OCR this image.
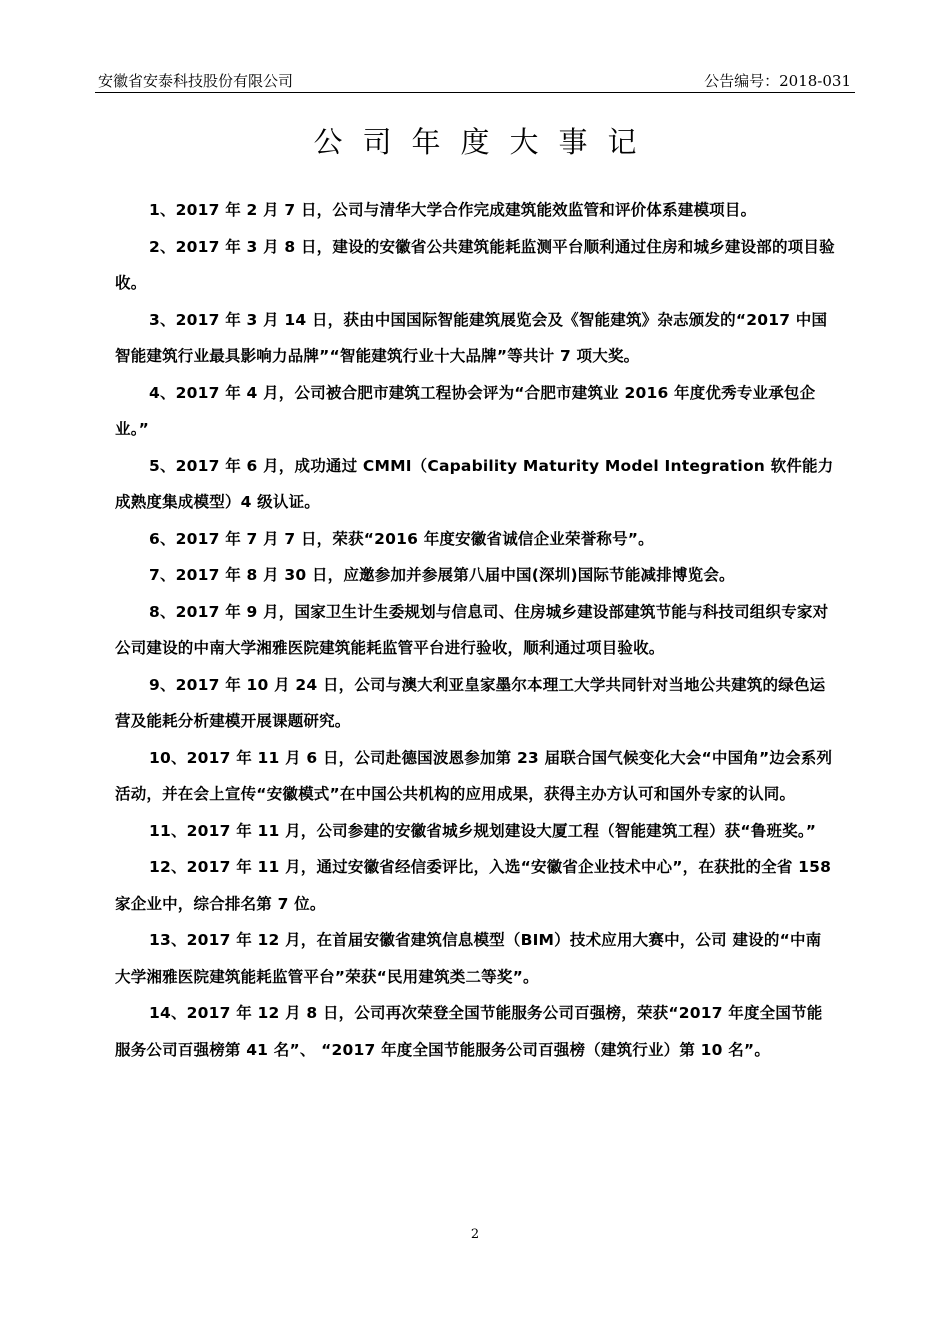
安徽省安泰科技股份有限公司	公告编号：2018-031
公 司 年 度 大 事 记

1、2017 年 2 月 7 日，公司与清华大学合作完成建筑能效监管和评价体系建模项目。

2、2017 年 3 月 8 日，建设的安徽省公共建筑能耗监测平台顺利通过住房和城乡建设部的项目验收。

3、2017 年 3 月 14 日，获由中国国际智能建筑展览会及《智能建筑》杂志颁发的“2017 中国智能建筑行业最具影响力品牌”“智能建筑行业十大品牌”等共计 7 项大奖。

4、2017 年 4 月，公司被合肥市建筑工程协会评为“合肥市建筑业 2016 年度优秀专业承包企业。”

5、2017 年 6 月，成功通过 CMMI（Capability Maturity Model Integration 软件能力成熟度集成模型）4 级认证。

6、2017 年 7 月 7 日，荣获“2016 年度安徽省诚信企业荣誉称号”。

7、2017 年 8 月 30 日，应邀参加并参展第八届中国(深圳)国际节能减排博览会。

8、2017 年 9 月，国家卫生计生委规划与信息司、住房城乡建设部建筑节能与科技司组织专家对公司建设的中南大学湘雅医院建筑能耗监管平台进行验收，顺利通过项目验收。

9、2017 年 10 月 24 日，公司与澳大利亚皇家墨尔本理工大学共同针对当地公共建筑的绿色运营及能耗分析建模开展课题研究。

10、2017 年 11 月 6 日，公司赴德国波恩参加第 23 届联合国气候变化大会“中国角”边会系列活动，并在会上宣传“安徽模式”在中国公共机构的应用成果，获得主办方认可和国外专家的认同。

11、2017 年 11 月，公司参建的安徽省城乡规划建设大厦工程（智能建筑工程）获“鲁班奖。”

12、2017 年 11 月，通过安徽省经信委评比，入选“安徽省企业技术中心”，在获批的全省 158 家企业中，综合排名第 7 位。

13、2017 年 12 月，在首届安徽省建筑信息模型（BIM）技术应用大赛中，公司 建设的“中南大学湘雅医院建筑能耗监管平台”荣获“民用建筑类二等奖”。

14、2017 年 12 月 8 日，公司再次荣登全国节能服务公司百强榜，荣获“2017 年度全国节能服务公司百强榜第 41 名”、 “2017 年度全国节能服务公司百强榜（建筑行业）第 10 名”。

2
